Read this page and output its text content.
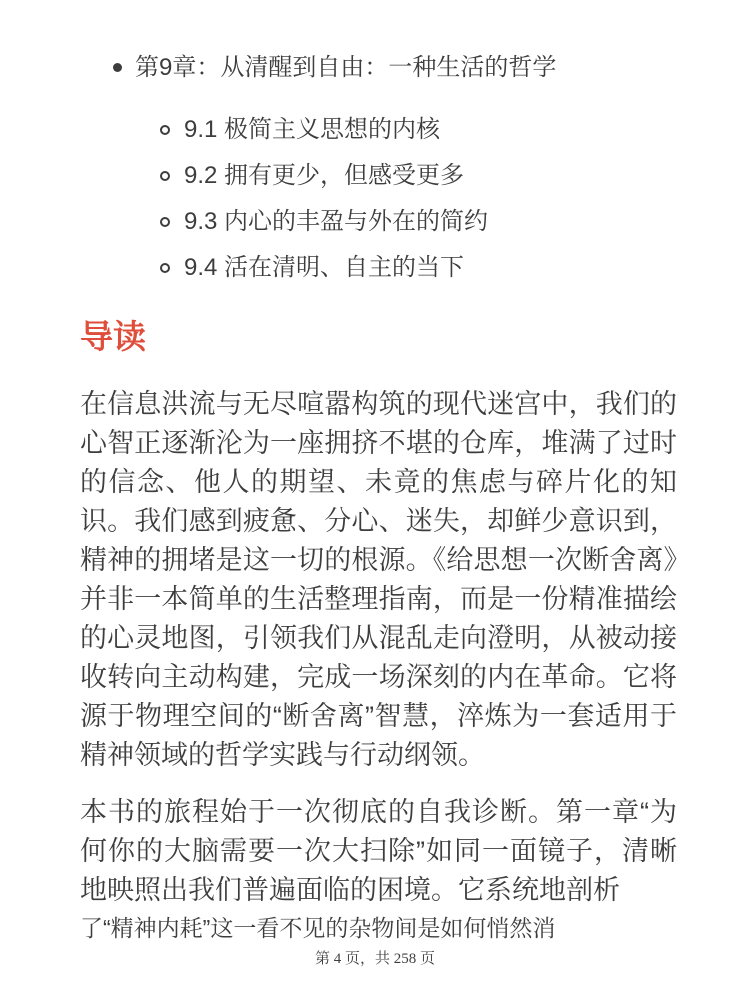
第9章：从清醒到自由：一种生活的哲学
9.1 极简主义思想的内核
9.2 拥有更少，但感受更多
9.3 内心的丰盈与外在的简约
9.4 活在清明、自主的当下
导读

在信息洪流与无尽喧嚣构筑的现代迷宫中，我们的心智正逐渐沦为一座拥挤不堪的仓库，堆满了过时的信念、他人的期望、未竟的焦虑与碎片化的知识。我们感到疲惫、分心、迷失，却鲜少意识到，精神的拥堵是这一切的根源。《给思想一次断舍离》并非一本简单的生活整理指南，而是一份精准描绘的心灵地图，引领我们从混乱走向澄明，从被动接收转向主动构建，完成一场深刻的内在革命。它将源于物理空间的“断舍离”智慧，淬炼为一套适用于精神领域的哲学实践与行动纲领。

本书的旅程始于一次彻底的自我诊断。第一章“为何你的大脑需要一次大扫除”如同一面镜子，清晰地映照出我们普遍面临的困境。它系统地剖析

了“精神内耗”这一看不见的杂物间是如何悄然消

第 4 页，共 258 页
